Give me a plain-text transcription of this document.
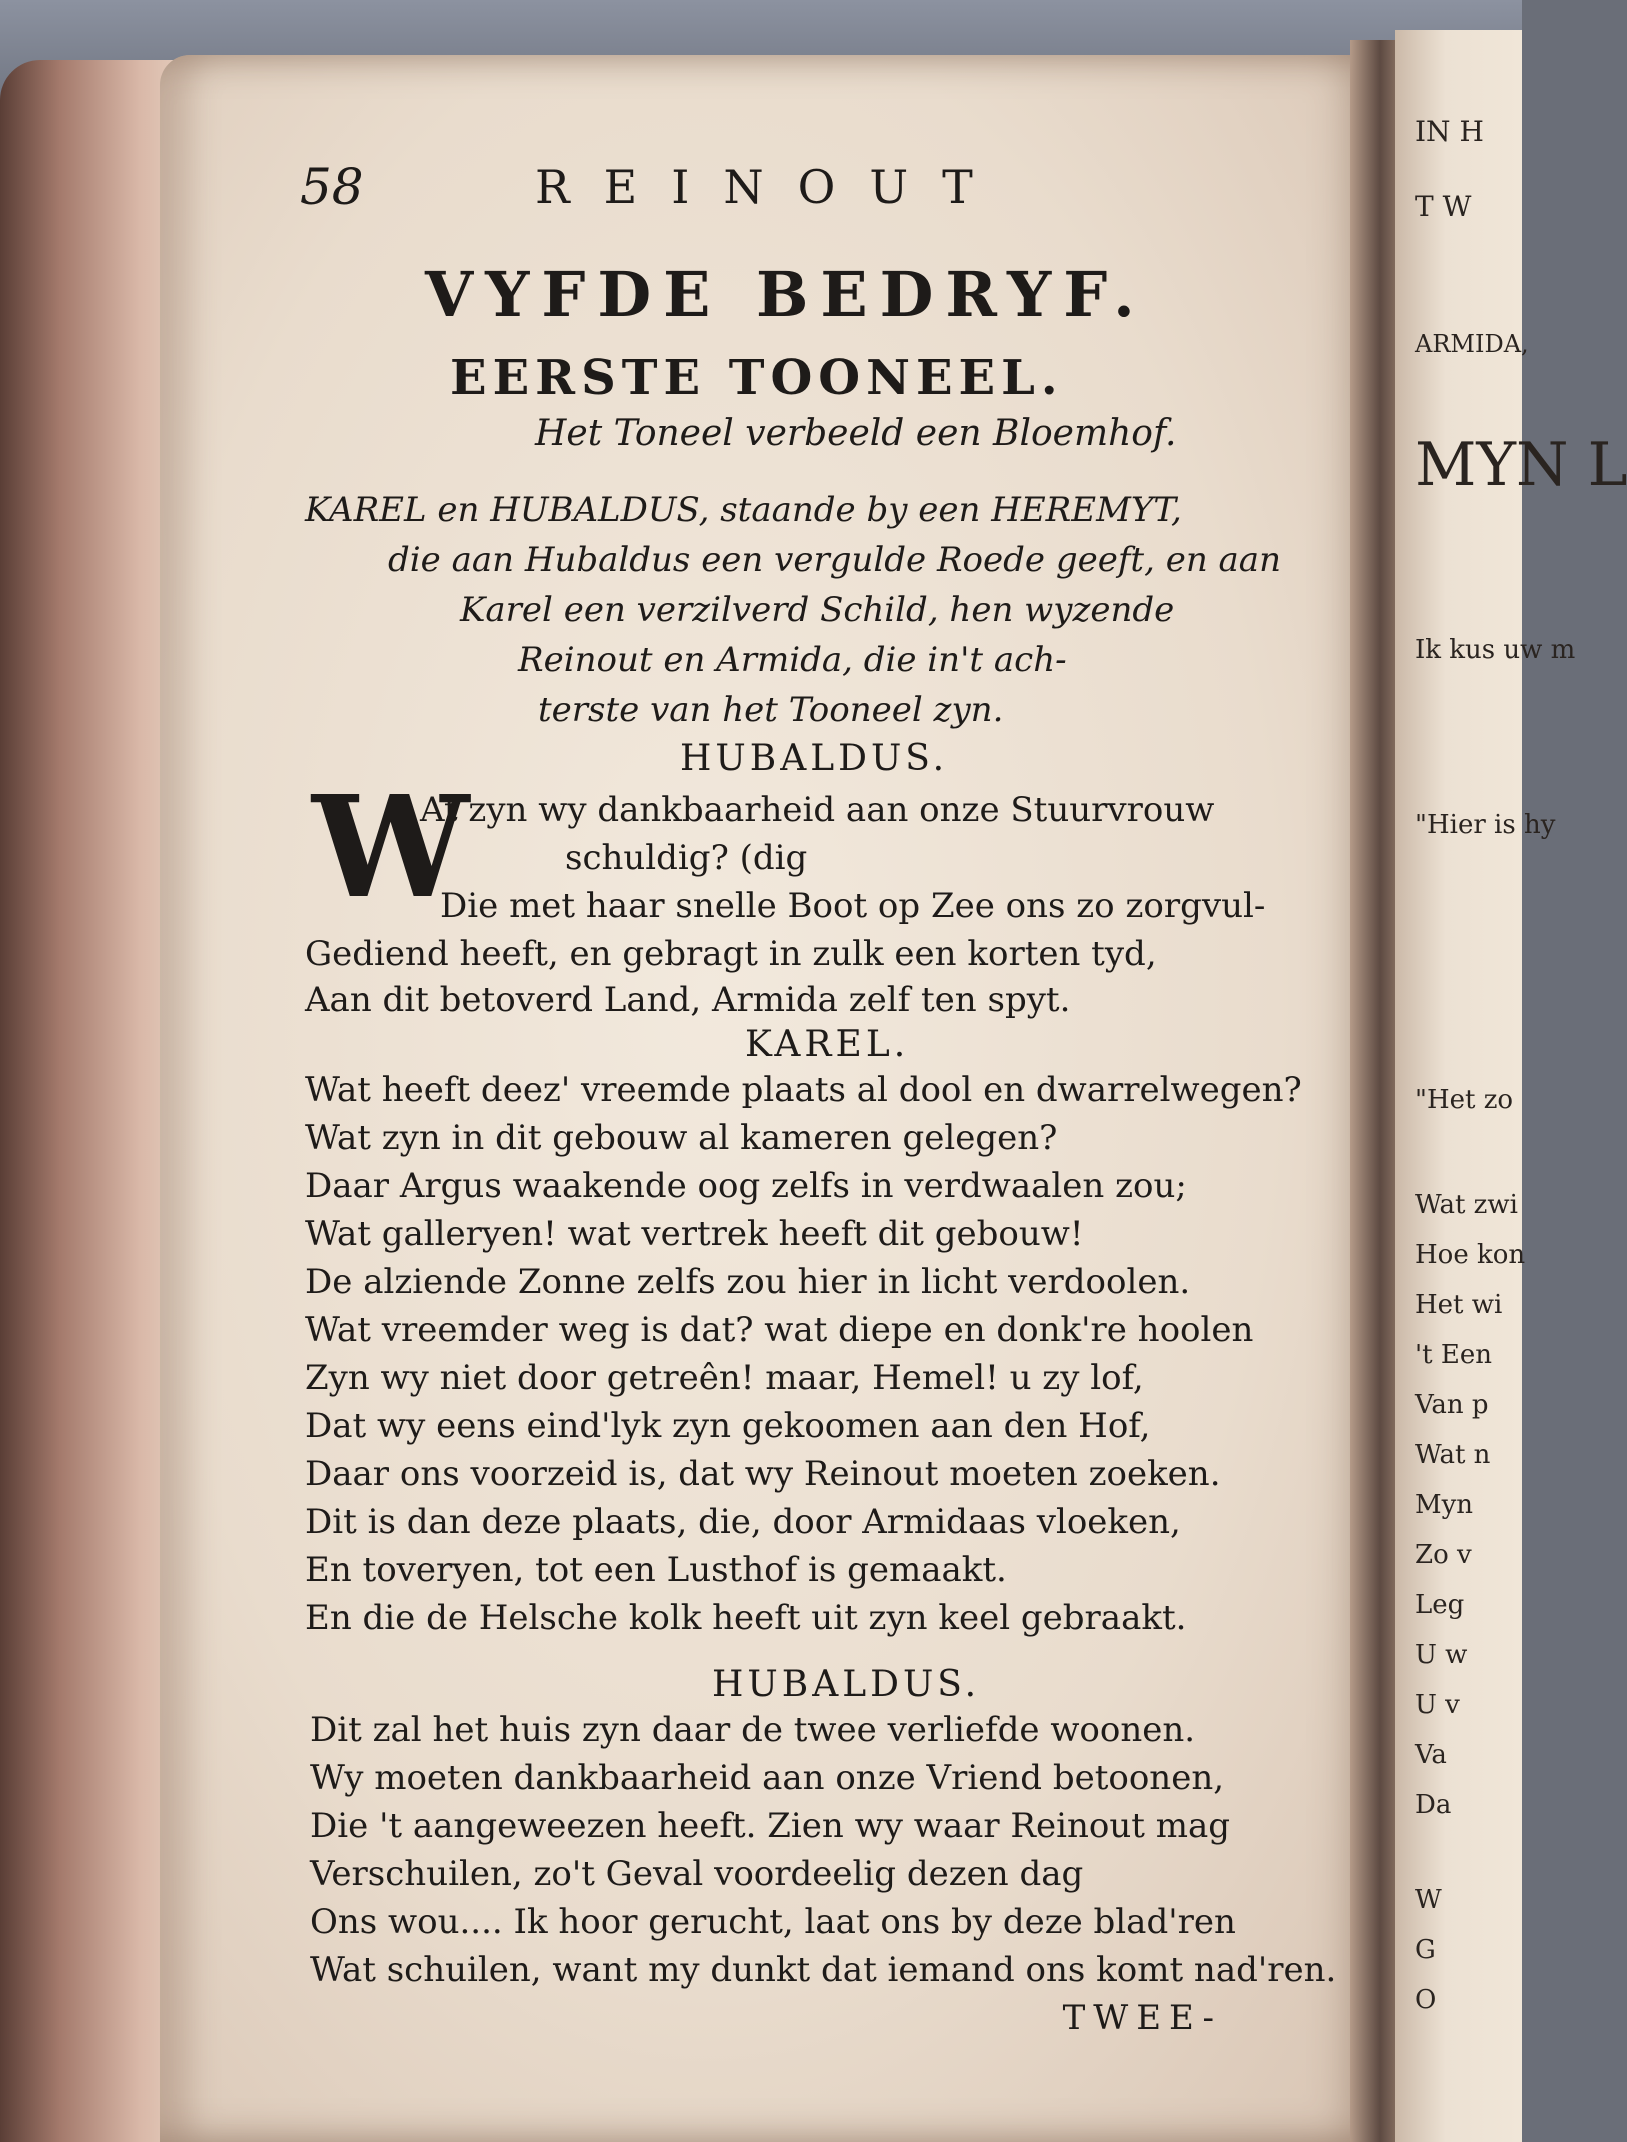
IN H
T W
ARMIDA,
MYN L
Ik kus uw m
"Hier is hy
"Het zo
Wat zwi
Hoe kon
Het wi
't Een
Van p
Wat n
Myn
Zo v
Leg
U w
U v
Va
Da
W
G
O
58	REINOUT
VYFDE BEDRYF.
EERSTE TOONEEL.
Het Toneel verbeeld een Bloemhof.
KAREL en HUBALDUS, staande by een HEREMYT,
die aan Hubaldus een vergulde Roede geeft, en aan
Karel een verzilverd Schild, hen wyzende
Reinout en Armida, die in't ach-
terste van het Tooneel zyn.
HUBALDUS.
W
At zyn wy dankbaarheid aan onze Stuurvrouw
schuldig? (dig
Die met haar snelle Boot op Zee ons zo zorgvul-
Gediend heeft, en gebragt in zulk een korten tyd,
Aan dit betoverd Land, Armida zelf ten spyt.
KAREL.
Wat heeft deez' vreemde plaats al dool en dwarrelwegen?
Wat zyn in dit gebouw al kameren gelegen?
Daar Argus waakende oog zelfs in verdwaalen zou;
Wat galleryen! wat vertrek heeft dit gebouw!
De alziende Zonne zelfs zou hier in licht verdoolen.
Wat vreemder weg is dat? wat diepe en donk're hoolen
Zyn wy niet door getreên! maar, Hemel! u zy lof,
Dat wy eens eind'lyk zyn gekoomen aan den Hof,
Daar ons voorzeid is, dat wy Reinout moeten zoeken.
Dit is dan deze plaats, die, door Armidaas vloeken,
En toveryen, tot een Lusthof is gemaakt.
En die de Helsche kolk heeft uit zyn keel gebraakt.
HUBALDUS.
Dit zal het huis zyn daar de twee verliefde woonen.
Wy moeten dankbaarheid aan onze Vriend betoonen,
Die 't aangeweezen heeft. Zien wy waar Reinout mag
Verschuilen, zo't Geval voordeelig dezen dag
Ons wou.... Ik hoor gerucht, laat ons by deze blad'ren
Wat schuilen, want my dunkt dat iemand ons komt nad'ren.
TWEE-
